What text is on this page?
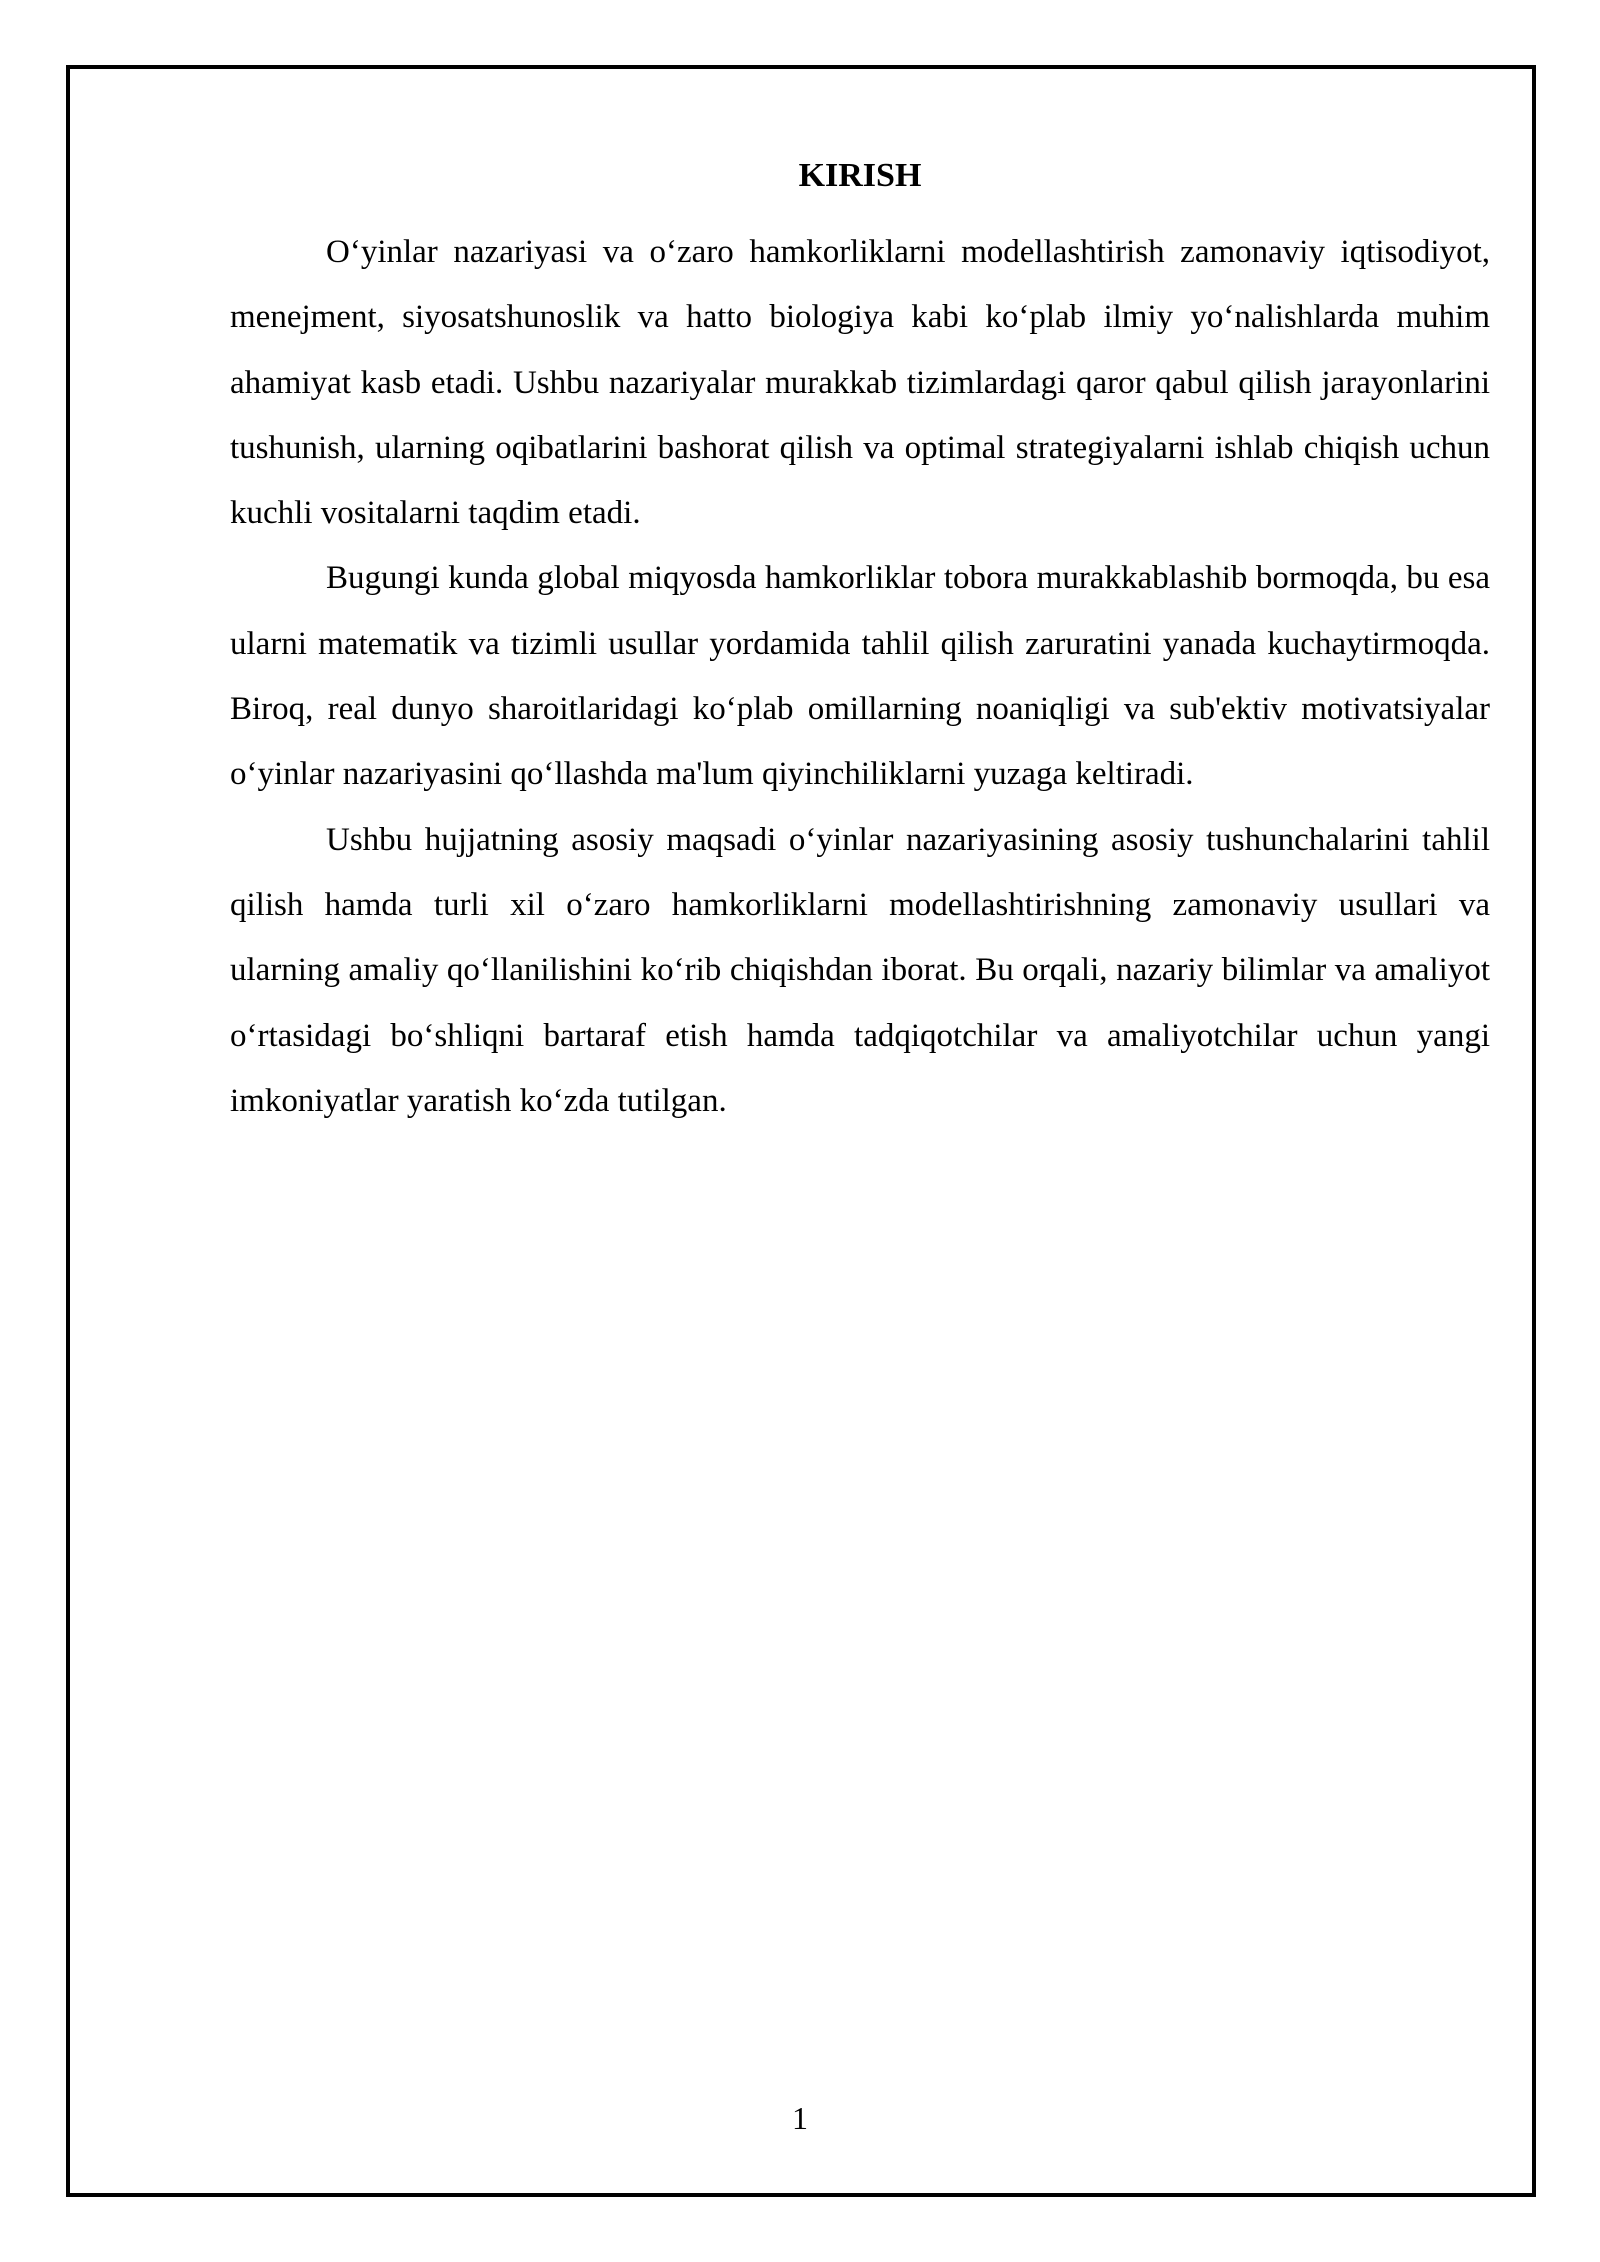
KIRISH

O‘yinlar nazariyasi va o‘zaro hamkorliklarni modellashtirish zamonaviy iqtisodiyot, menejment, siyosatshunoslik va hatto biologiya kabi ko‘plab ilmiy yo‘nalishlarda muhim ahamiyat kasb etadi. Ushbu nazariyalar murakkab tizimlardagi qaror qabul qilish jarayonlarini tushunish, ularning oqibatlarini bashorat qilish va optimal strategiyalarni ishlab chiqish uchun kuchli vositalarni taqdim etadi.

Bugungi kunda global miqyosda hamkorliklar tobora murakkablashib bormoqda, bu esa ularni matematik va tizimli usullar yordamida tahlil qilish zaruratini yanada kuchaytirmoqda. Biroq, real dunyo sharoitlaridagi ko‘plab omillarning noaniqligi va sub'ektiv motivatsiyalar o‘yinlar nazariyasini qo‘llashda ma'lum qiyinchiliklarni yuzaga keltiradi.

Ushbu hujjatning asosiy maqsadi o‘yinlar nazariyasining asosiy tushunchalarini tahlil qilish hamda turli xil o‘zaro hamkorliklarni modellashtirishning zamonaviy usullari va ularning amaliy qo‘llanilishini ko‘rib chiqishdan iborat. Bu orqali, nazariy bilimlar va amaliyot o‘rtasidagi bo‘shliqni bartaraf etish hamda tadqiqotchilar va amaliyotchilar uchun yangi imkoniyatlar yaratish ko‘zda tutilgan.

1
